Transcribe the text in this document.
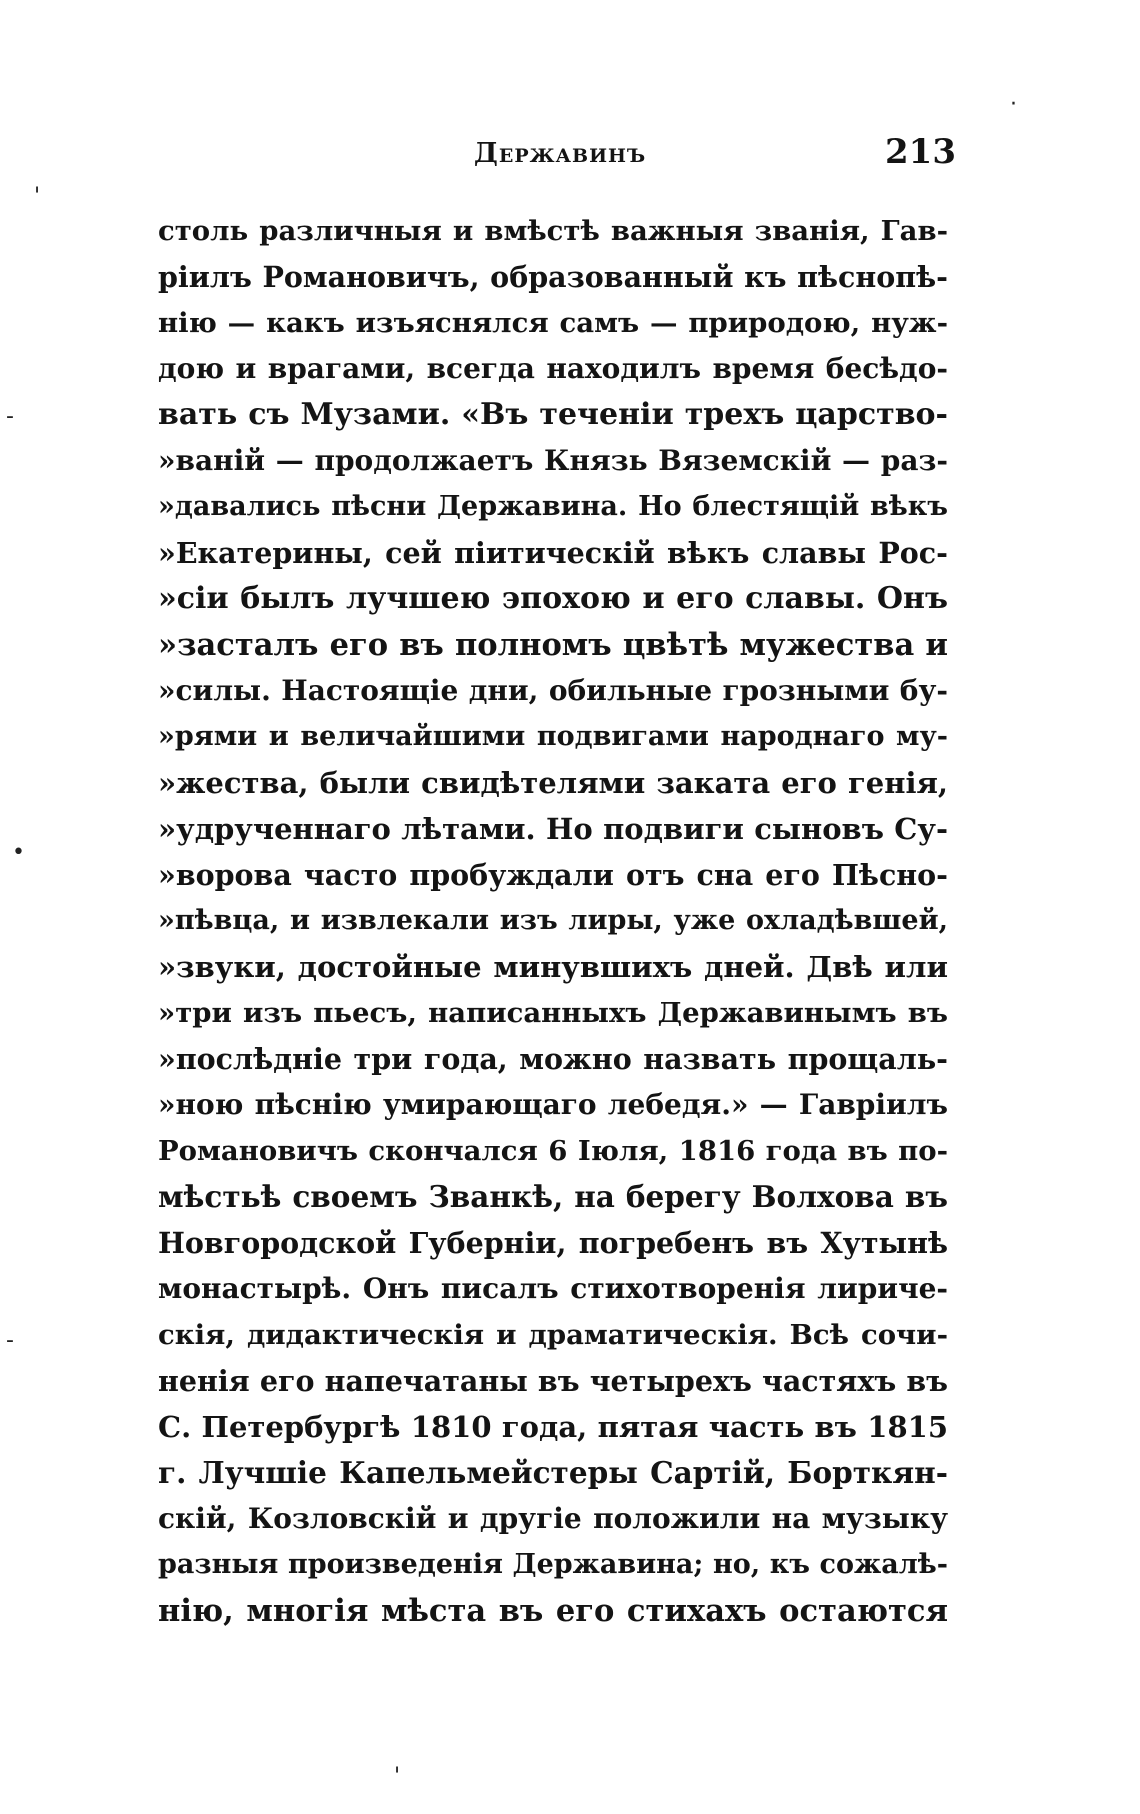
Державинъ	213
столь различныя и вмѣстѣ важныя званія, Гав-
ріилъ Романовичъ, образованный къ пѣснопѣ-
нію — какъ изъяснялся самъ — природою, нуж-
дою и врагами, всегда находилъ время бесѣдо-
вать съ Музами. «Въ теченіи трехъ царство-
»ваній — продолжаетъ Князь Вяземскій — раз-
»давались пѣсни Державина. Но блестящій вѣкъ
»Екатерины, сей пiитическій вѣкъ славы Рос-
»сіи былъ лучшею эпохою и его славы. Онъ
»засталъ его въ полномъ цвѣтѣ мужества и
»силы. Настоящіе дни, обильные грозными бу-
»рями и величайшими подвигами народнаго му-
»жества, были свидѣтелями заката его генія,
»удрученнаго лѣтами. Но подвиги сыновъ Су-
»ворова часто пробуждали отъ сна его Пѣсно-
»пѣвца, и извлекали изъ лиры, уже охладѣвшей,
»звуки, достойные минувшихъ дней. Двѣ или
»три изъ пьесъ, написанныхъ Державинымъ въ
»послѣдніе три года, можно назвать прощаль-
»ною пѣснію умирающаго лебедя.» — Гавріилъ
Романовичъ скончался 6 Іюля, 1816 года въ по-
мѣстьѣ своемъ Званкѣ, на берегу Волхова въ
Новгородской Губерніи, погребенъ въ Хутынѣ
монастырѣ. Онъ писалъ стихотворенія лириче-
скія, дидактическія и драматическія. Всѣ сочи-
ненія его напечатаны въ четырехъ частяхъ въ
С. Петербургѣ 1810 года, пятая часть въ 1815
г. Лучшіе Капельмейстеры Сартій, Борткян-
скій, Козловскій и другіе положили на музыку
разныя произведенія Державина; но, къ сожалѣ-
нію, многія мѣста въ его стихахъ остаются
-
-
•
·
'
'
